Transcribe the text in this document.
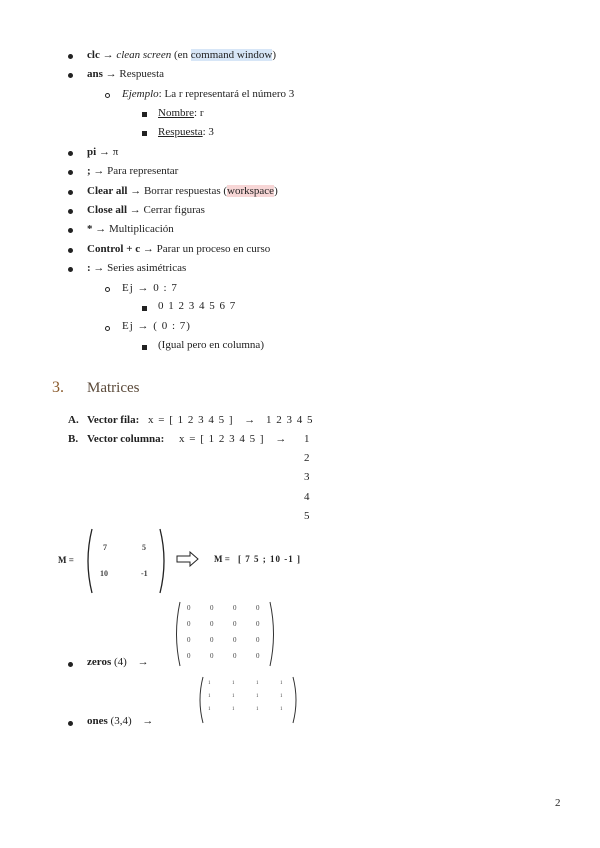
clc → clean screen (en command window)
ans → Respuesta
Ejemplo: La r representará el número 3
Nombre: r
Respuesta: 3
pi → π
; → Para representar
Clear all → Borrar respuestas (workspace)
Close all → Cerrar figuras
* → Multiplicación
Control + c → Parar un proceso en curso
: → Series asimétricas
Ej → 0 : 7
0 1 2 3 4 5 6 7
Ej → ( 0 : 7)
(Igual pero en columna)
3. Matrices
A. Vector fila: x = [ 1 2 3 4 5 ] → 1 2 3 4 5
B. Vector columna: x = [ 1 2 3 4 5 ] → 1
2
3
4
5
M =
7	5
10	-1
M = [ 7 5 ; 10 -1 ]
zeros (4) →
0	0	0	0
0	0	0	0
0	0	0	0
0	0	0	0
ones (3,4) →
1	1	1	1
1	1	1	1
1	1	1	1
2
